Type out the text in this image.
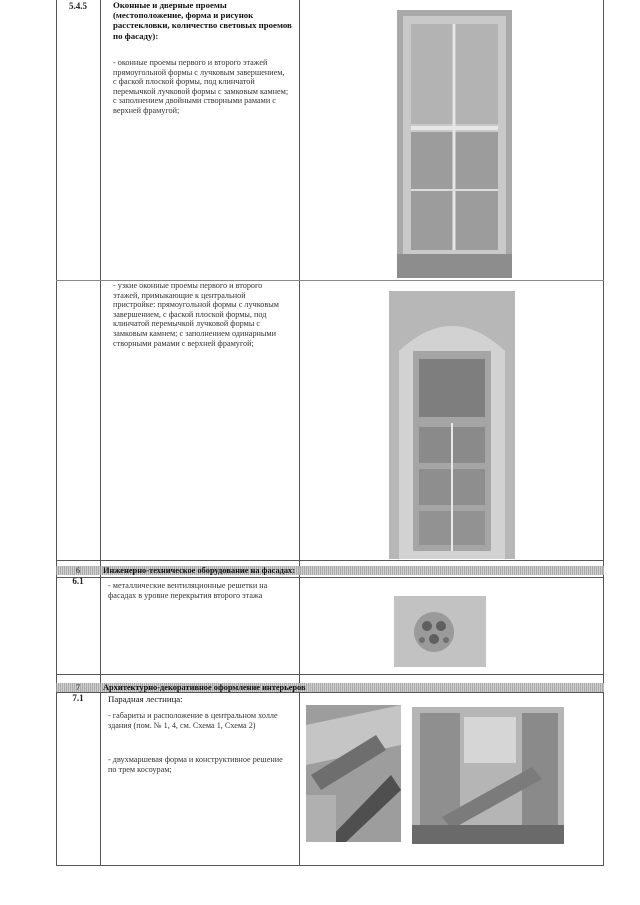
5.4.5	Оконные и дверные проемы (местоположение, форма и рисунок расстекловки, количество световых проемов по фасаду):
- оконные проемы первого и второго этажей прямоугольной формы с лучковым завершением, с фаской плоской формы, под клинчатой перемычкой лучковой формы с замковым камнем; с заполнением двойными створными рамами с верхней фрамугой;
- узкие оконные проемы первого и второго этажей, примыкающие к центральной пристройке: прямоугольной формы с лучковым завершением, с фаской плоской формы, под клинчатой перемычкой лучковой формы с замковым камнем; с заполнением одинарными створными рамами с верхней фрамугой;
6	Инженерно-техническое оборудование на фасадах:
6.1	- металлические вентиляционные решетки на фасадах в уровне перекрытия второго этажа
7	Архитектурно-декоративное оформление интерьеров
7.1	Парадная лестница:
- габариты и расположение в центральном холле здания (пом. № 1, 4, см. Схема 1, Схема 2)
- двухмаршевая форма и конструктивное решение по трем косоурам;
